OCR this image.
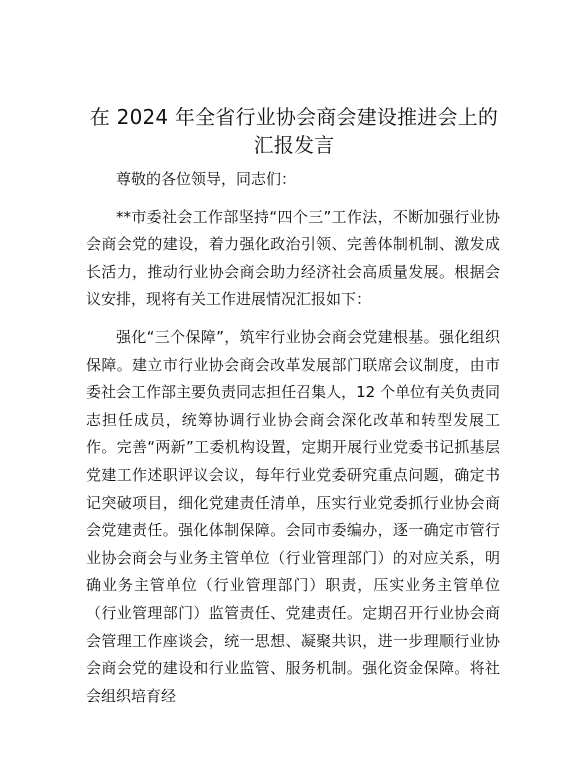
在 2024 年全省行业协会商会建设推进会上的汇报发言

尊敬的各位领导，同志们：

**市委社会工作部坚持“四个三”工作法，不断加强行业协会商会党的建设，着力强化政治引领、完善体制机制、激发成长活力，推动行业协会商会助力经济社会高质量发展。根据会议安排，现将有关工作进展情况汇报如下：

强化“三个保障”，筑牢行业协会商会党建根基。强化组织保障。建立市行业协会商会改革发展部门联席会议制度，由市委社会工作部主要负责同志担任召集人，12 个单位有关负责同志担任成员，统筹协调行业协会商会深化改革和转型发展工作。完善“两新”工委机构设置，定期开展行业党委书记抓基层党建工作述职评议会议，每年行业党委研究重点问题，确定书记突破项目，细化党建责任清单，压实行业党委抓行业协会商会党建责任。强化体制保障。会同市委编办，逐一确定市管行业协会商会与业务主管单位（行业管理部门）的对应关系，明确业务主管单位（行业管理部门）职责，压实业务主管单位（行业管理部门）监管责任、党建责任。定期召开行业协会商会管理工作座谈会，统一思想、凝聚共识，进一步理顺行业协会商会党的建设和行业监管、服务机制。强化资金保障。将社会组织培育经
